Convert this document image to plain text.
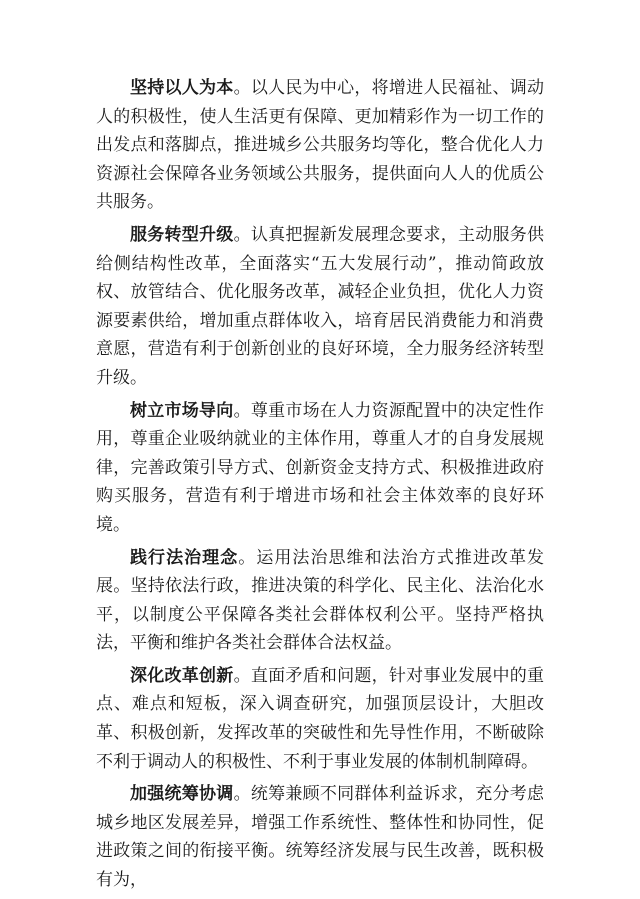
坚持以人为本。以人民为中心，将增进人民福祉、调动人的积极性，使人生活更有保障、更加精彩作为一切工作的出发点和落脚点，推进城乡公共服务均等化，整合优化人力资源社会保障各业务领域公共服务，提供面向人人的优质公共服务。

服务转型升级。认真把握新发展理念要求，主动服务供给侧结构性改革，全面落实“五大发展行动”，推动简政放权、放管结合、优化服务改革，减轻企业负担，优化人力资源要素供给，增加重点群体收入，培育居民消费能力和消费意愿，营造有利于创新创业的良好环境，全力服务经济转型升级。

树立市场导向。尊重市场在人力资源配置中的决定性作用，尊重企业吸纳就业的主体作用，尊重人才的自身发展规律，完善政策引导方式、创新资金支持方式、积极推进政府购买服务，营造有利于增进市场和社会主体效率的良好环境。

践行法治理念。运用法治思维和法治方式推进改革发展。坚持依法行政，推进决策的科学化、民主化、法治化水平，以制度公平保障各类社会群体权利公平。坚持严格执法，平衡和维护各类社会群体合法权益。

深化改革创新。直面矛盾和问题，针对事业发展中的重点、难点和短板，深入调查研究，加强顶层设计，大胆改革、积极创新，发挥改革的突破性和先导性作用，不断破除不利于调动人的积极性、不利于事业发展的体制机制障碍。

加强统筹协调。统筹兼顾不同群体利益诉求，充分考虑城乡地区发展差异，增强工作系统性、整体性和协同性，促进政策之间的衔接平衡。统筹经济发展与民生改善，既积极有为，
